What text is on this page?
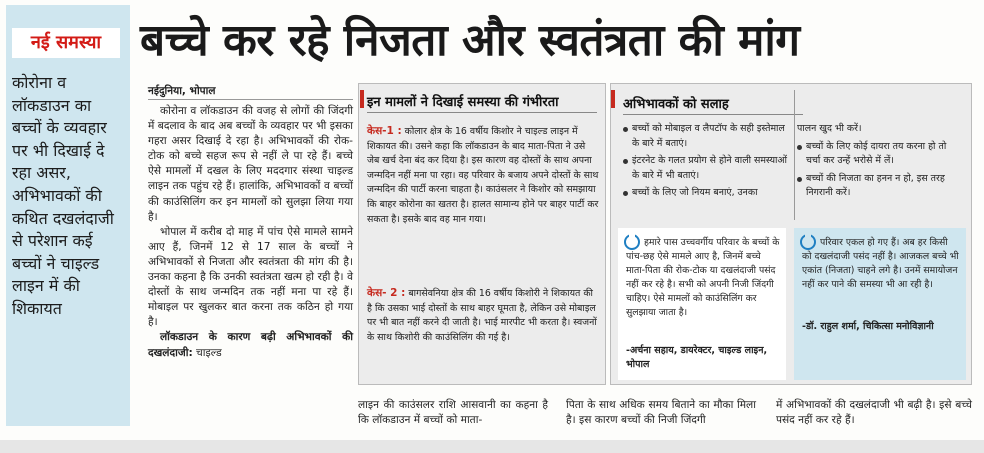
नई समस्या
कोरोना व लॉकडाउन का बच्चों के व्यवहार पर भी दिखाई दे रहा असर, अभिभावकों की कथित दखलंदाजी से परेशान कई बच्चों ने चाइल्ड लाइन में की शिकायत
बच्चे कर रहे निजता और स्वतंत्रता की मांग
नईदुनिया, भोपाल

कोरोना व लॉकडाउन की वजह से लोगों की जिंदगी में बदलाव के बाद अब बच्चों के व्यवहार पर भी इसका गहरा असर दिखाई दे रहा है। अभिभावकों की रोक-टोक को बच्चे सहज रूप से नहीं ले पा रहे हैं। बच्चे ऐसे मामलों में दखल के लिए मददगार संस्था चाइल्ड लाइन तक पहुंच रहे हैं। हालांकि, अभिभावकों व बच्चों की काउंसिलिंग कर इन मामलों को सुलझा लिया गया है।

भोपाल में करीब दो माह में पांच ऐसे मामले सामने आए हैं, जिनमें 12 से 17 साल के बच्चों ने अभिभावकों से निजता और स्वतंत्रता की मांग की है। उनका कहना है कि उनकी स्वतंत्रता खत्म हो रही है। वे दोस्तों के साथ जन्मदिन तक नहीं मना पा रहे हैं। मोबाइल पर खुलकर बात करना तक कठिन हो गया है।

लॉकडाउन के कारण बढ़ी अभिभावकों की दखलंदाजी: चाइल्ड

इन मामलों ने दिखाई समस्या की गंभीरता
केस-1 : कोलार क्षेत्र के 16 वर्षीय किशोर ने चाइल्ड लाइन में शिकायत की। उसने कहा कि लॉकडाउन के बाद माता-पिता ने उसे जेब खर्च देना बंद कर दिया है। इस कारण वह दोस्तों के साथ अपना जन्मदिन नहीं मना पा रहा। वह परिवार के बजाय अपने दोस्तों के साथ जन्मदिन की पार्टी करना चाहता है। काउंसलर ने किशोर को समझाया कि बाहर कोरोना का खतरा है। हालत सामान्य होने पर बाहर पार्टी कर सकता है। इसके बाद वह मान गया।
केस- 2 : बागसेवनिया क्षेत्र की 16 वर्षीय किशोरी ने शिकायत की है कि उसका भाई दोस्तों के साथ बाहर घूमता है, लेकिन उसे मोबाइल पर भी बात नहीं करने दी जाती है। भाई मारपीट भी करता है। स्वजनों के साथ किशोरी की काउंसिलिंग की गई है।
अभिभावकों को सलाह
बच्चों को मोबाइल व लैपटॉप के सही इस्तेमाल के बारे में बताएं।
इंटरनेट के गलत प्रयोग से होने वाली समस्याओं के बारे में भी बताएं।
बच्चों के लिए जो नियम बनाएं, उनका
पालन खुद भी करें।
बच्चों के लिए कोई दायरा तय करना हो तो चर्चा कर उन्हें भरोसे में लें।
बच्चों की निजता का हनन न हो, इस तरह निगरानी करें।
हमारे पास उच्चवर्गीय परिवार के बच्चों के पांच-छह ऐसे मामले आए है, जिनमें बच्चे माता-पिता की रोक-टोक या दखलंदाजी पसंद नहीं कर रहे है। सभी को अपनी निजी जिंदगी चाहिए। ऐसे मामलों को काउंसिलिंग कर सुलझाया जाता है।
-अर्चना सहाय, डायरेक्टर, चाइल्ड लाइन, भोपाल
परिवार एकल हो गए हैं। अब हर किसी को दखलंदाजी पसंद नहीं है। आजकल बच्चे भी एकांत (निजता) चाहने लगे है। उनमें समायोजन नहीं कर पाने की समस्या भी आ रही है।
-डॉ. राहुल शर्मा, चिकित्सा मनोविज्ञानी
लाइन की काउंसलर राशि आसवानी का कहना है कि लॉकडाउन में बच्चों को माता-
पिता के साथ अधिक समय बिताने का मौका मिला है। इस कारण बच्चों की निजी जिंदगी
में अभिभावकों की दखलंदाजी भी बढ़ी है। इसे बच्चे पसंद नहीं कर रहे हैं।
